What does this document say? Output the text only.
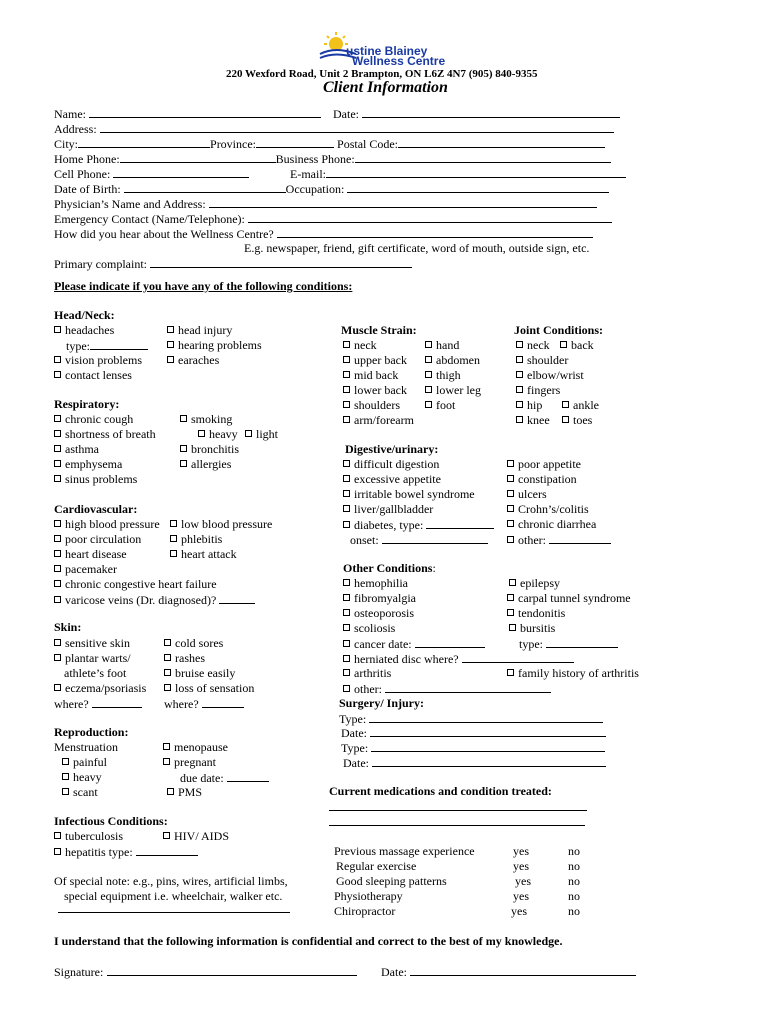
ustine Blainey
Wellness Centre
220 Wexford Road, Unit 2 Brampton, ON L6Z 4N7 (905) 840-9355
Client Information
Name:	Date:
Address:
City:	Province:	Postal Code:
Home Phone:	Business Phone:
Cell Phone:	E-mail:
Date of Birth:	Occupation:
Physician’s Name and Address:
Emergency Contact (Name/Telephone):
How did you hear about the Wellness Centre?
E.g. newspaper, friend, gift certificate, word of mouth, outside sign, etc.
Primary complaint:
Please indicate if you have any of the following conditions:
Head/Neck:
headaches
type:
vision problems
contact lenses
head injury
hearing problems
earaches
Respiratory:
chronic cough
shortness of breath
asthma
emphysema
sinus problems
smoking
heavy	light
bronchitis
allergies
Cardiovascular:
high blood pressure	low blood pressure
poor circulation	phlebitis
heart disease	heart attack
pacemaker
chronic congestive heart failure
varicose veins (Dr. diagnosed)?
Skin:
sensitive skin	cold sores
plantar warts/	rashes
athlete’s foot	bruise easily
eczema/psoriasis	loss of sensation
where?	where?
Reproduction:
Menstruation
painful
heavy
scant
menopause
pregnant
due date:
PMS
Infectious Conditions:
tuberculosis	HIV/ AIDS
hepatitis type:
Of special note: e.g., pins, wires, artificial limbs,
special equipment i.e. wheelchair, walker etc.
Muscle Strain:
neck
upper back
mid back
lower back
shoulders
arm/forearm
hand
abdomen
thigh
lower leg
foot
Joint Conditions:
neck	back
shoulder
elbow/wrist
fingers
hip	ankle
knee	toes
Digestive/urinary:
difficult digestion
excessive appetite
irritable bowel syndrome
liver/gallbladder
diabetes, type:
onset:
poor appetite
constipation
ulcers
Crohn’s/colitis
chronic diarrhea
other:
Other Conditions:
hemophilia
fibromyalgia
osteoporosis
scoliosis
cancer date:
herniated disc where?
arthritis
other:
epilepsy
carpal tunnel syndrome
tendonitis
bursitis
type:
family history of arthritis
Surgery/ Injury:
Type:
Date:
Type:
Date:
Current medications and condition treated:
Previous massage experience	yes	no
Regular exercise	yes	no
Good sleeping patterns	yes	no
Physiotherapy	yes	no
Chiropractor	yes	no
I understand that the following information is confidential and correct to the best of my knowledge.
Signature:	Date:
